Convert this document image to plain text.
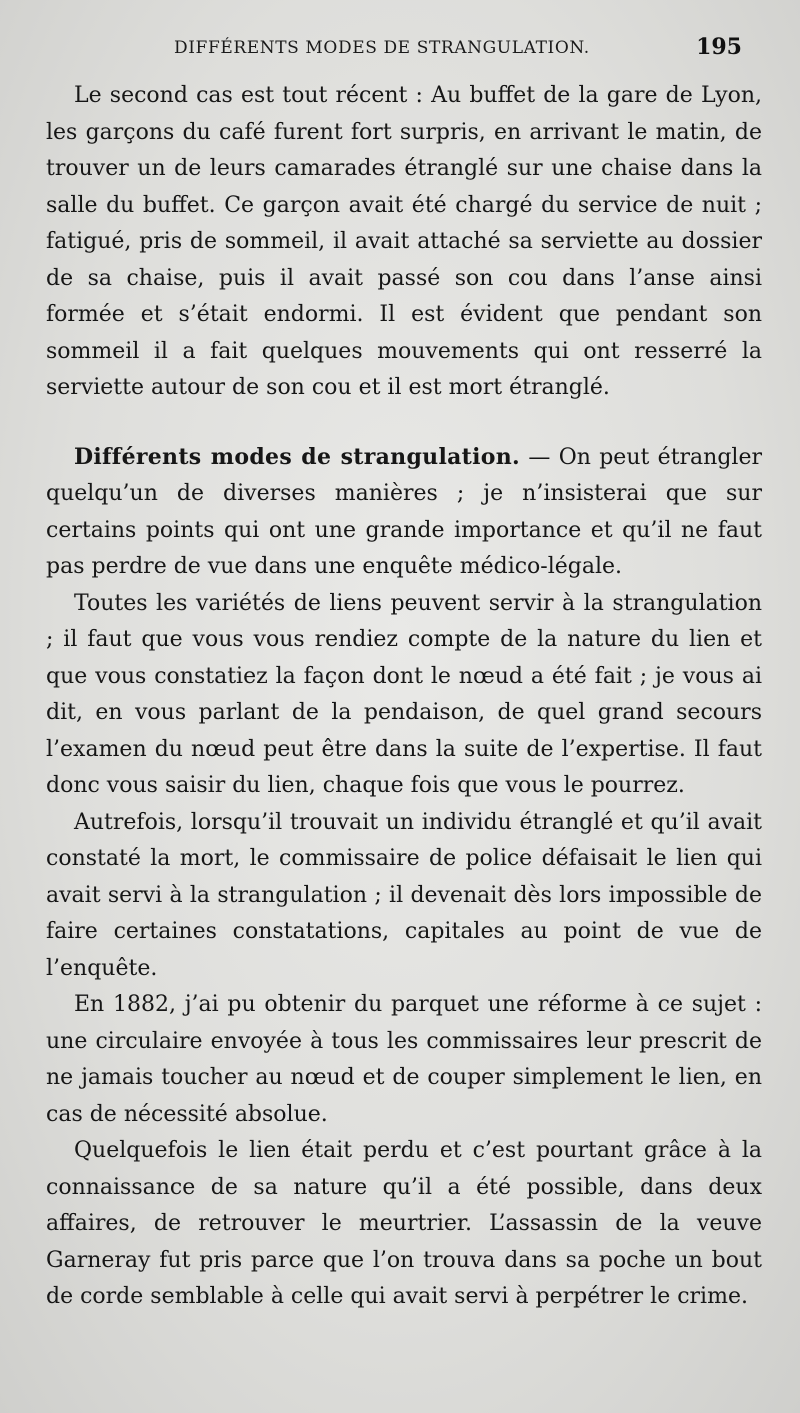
DIFFÉRENTS MODES DE STRANGULATION.	195

Le second cas est tout récent : Au buffet de la gare de Lyon, les garçons du café furent fort surpris, en arrivant le matin, de trouver un de leurs camarades étranglé sur une chaise dans la salle du buffet. Ce garçon avait été chargé du service de nuit ; fatigué, pris de sommeil, il avait attaché sa serviette au dossier de sa chaise, puis il avait passé son cou dans l’anse ainsi formée et s’était endormi. Il est évident que pendant son sommeil il a fait quelques mouvements qui ont resserré la serviette autour de son cou et il est mort étranglé.

Différents modes de strangulation. — On peut étrangler quelqu’un de diverses manières ; je n’insisterai que sur certains points qui ont une grande importance et qu’il ne faut pas perdre de vue dans une enquête médico-légale.

Toutes les variétés de liens peuvent servir à la strangulation ; il faut que vous vous rendiez compte de la nature du lien et que vous constatiez la façon dont le nœud a été fait ; je vous ai dit, en vous parlant de la pendaison, de quel grand secours l’examen du nœud peut être dans la suite de l’expertise. Il faut donc vous saisir du lien, chaque fois que vous le pourrez.

Autrefois, lorsqu’il trouvait un individu étranglé et qu’il avait constaté la mort, le commissaire de police défaisait le lien qui avait servi à la strangulation ; il devenait dès lors impossible de faire certaines constatations, capitales au point de vue de l’enquête.

En 1882, j’ai pu obtenir du parquet une réforme à ce sujet : une circulaire envoyée à tous les commissaires leur prescrit de ne jamais toucher au nœud et de couper simplement le lien, en cas de nécessité absolue.

Quelquefois le lien était perdu et c’est pourtant grâce à la connaissance de sa nature qu’il a été possible, dans deux affaires, de retrouver le meurtrier. L’assassin de la veuve Garneray fut pris parce que l’on trouva dans sa poche un bout de corde semblable à celle qui avait servi à perpétrer le crime.
